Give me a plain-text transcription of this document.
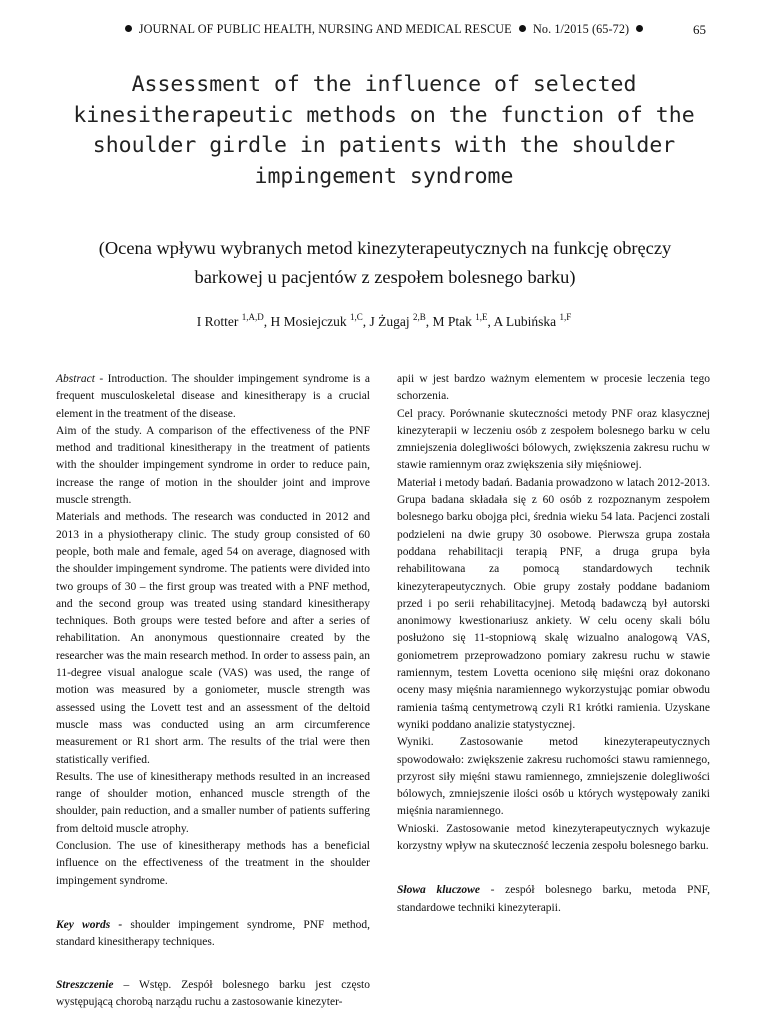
JOURNAL OF PUBLIC HEALTH, NURSING AND MEDICAL RESCUE No. 1/2015 (65-72)	65
Assessment of the influence of selected kinesitherapeutic methods on the function of the shoulder girdle in patients with the shoulder impingement syndrome
(Ocena wpływu wybranych metod kinezyterapeutycznych na funkcję obręczy barkowej u pacjentów z zespołem bolesnego barku)
I Rotter $^{1,A,D}$, H Mosiejczuk $^{1,C}$, J Żugaj $^{2,B}$, M Ptak $^{1,E}$, A Lubińska $^{1,F}$

Abstract - Introduction. The shoulder impingement syndrome is a frequent musculoskeletal disease and kinesitherapy is a crucial element in the treatment of the disease.

Aim of the study. A comparison of the effectiveness of the PNF method and traditional kinesitherapy in the treatment of patients with the shoulder impingement syndrome in order to reduce pain, increase the range of motion in the shoulder joint and improve muscle strength.

Materials and methods. The research was conducted in 2012 and 2013 in a physiotherapy clinic. The study group consisted of 60 people, both male and female, aged 54 on average, diagnosed with the shoulder impingement syndrome. The patients were divided into two groups of 30 – the first group was treated with a PNF method, and the second group was treated using standard kinesitherapy techniques. Both groups were tested before and after a series of rehabilitation. An anonymous questionnaire created by the researcher was the main research method. In order to assess pain, an 11-degree visual analogue scale (VAS) was used, the range of motion was measured by a goniometer, muscle strength was assessed using the Lovett test and an assessment of the deltoid muscle mass was conducted using an arm circumference measurement or R1 short arm. The results of the trial were then statistically verified.

Results. The use of kinesitherapy methods resulted in an increased range of shoulder motion, enhanced muscle strength of the shoulder, pain reduction, and a smaller number of patients suffering from deltoid muscle atrophy.

Conclusion. The use of kinesitherapy methods has a beneficial influence on the effectiveness of the treatment in the shoulder impingement syndrome.

Key words - shoulder impingement syndrome, PNF method, standard kinesitherapy techniques.

Streszczenie – Wstęp. Zespół bolesnego barku jest często występującą chorobą narządu ruchu a zastosowanie kinezyter-

apii w jest bardzo ważnym elementem w procesie leczenia tego schorzenia.

Cel pracy. Porównanie skuteczności metody PNF oraz klasycznej kinezyterapii w leczeniu osób z zespołem bolesnego barku w celu zmniejszenia dolegliwości bólowych, zwiększenia zakresu ruchu w stawie ramiennym oraz zwiększenia siły mięśniowej.

Materiał i metody badań. Badania prowadzono w latach 2012-2013. Grupa badana składała się z 60 osób z rozpoznanym zespołem bolesnego barku obojga płci, średnia wieku 54 lata. Pacjenci zostali podzieleni na dwie grupy 30 osobowe. Pierwsza grupa została poddana rehabilitacji terapią PNF, a druga grupa była rehabilitowana za pomocą standardowych technik kinezyterapeutycznych. Obie grupy zostały poddane badaniom przed i po serii rehabilitacyjnej. Metodą badawczą był autorski anonimowy kwestionariusz ankiety. W celu oceny skali bólu posłużono się 11-stopniową skalę wizualno analogową VAS, goniometrem przeprowadzono pomiary zakresu ruchu w stawie ramiennym, testem Lovetta oceniono siłę mięśni oraz dokonano oceny masy mięśnia naramiennego wykorzystując pomiar obwodu ramienia taśmą centymetrową czyli R1 krótki ramienia. Uzyskane wyniki poddano analizie statystycznej.

Wyniki. Zastosowanie metod kinezyterapeutycznych spowodowało: zwiększenie zakresu ruchomości stawu ramiennego, przyrost siły mięśni stawu ramiennego, zmniejszenie dolegliwości bólowych, zmniejszenie ilości osób u których występowały zaniki mięśnia naramiennego.

Wnioski. Zastosowanie metod kinezyterapeutycznych wykazuje korzystny wpływ na skuteczność leczenia zespołu bolesnego barku.

Słowa kluczowe - zespół bolesnego barku, metoda PNF, standardowe techniki kinezyterapii.
